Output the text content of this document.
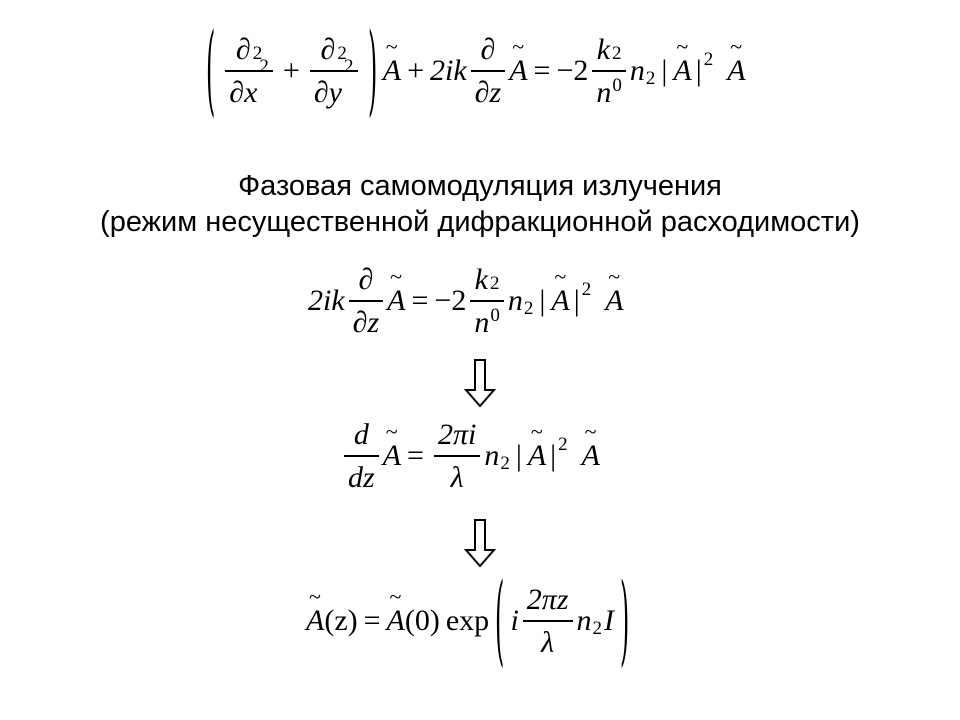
( ∂$^2$
∂ x
$^2$ + ∂$^2$
∂ y
$^2$ ) ~ $A + 2ik \frac{\partial}{\partial z}$ ~ $A = -2 \frac{k^2}{n_0} n_2$ | ~ A $|^2$ ~ A
Фазовая самомодуляция излучения
(режим несущественной дифракционной расходимости)
$2ik \frac{\partial}{\partial z}$ ~ $A = -2 \frac{k^2}{n_0} n_2$ | ~ A $|^2$ ~ A
$\frac{d}{dz}$ ~ $A = \frac{2\pi i}{\lambda} n_2$ | ~ A $|^2$ ~ A
~ A (z) = ~ A (0) exp ( i $\frac{2\pi z}{\lambda} n_2$ I )
